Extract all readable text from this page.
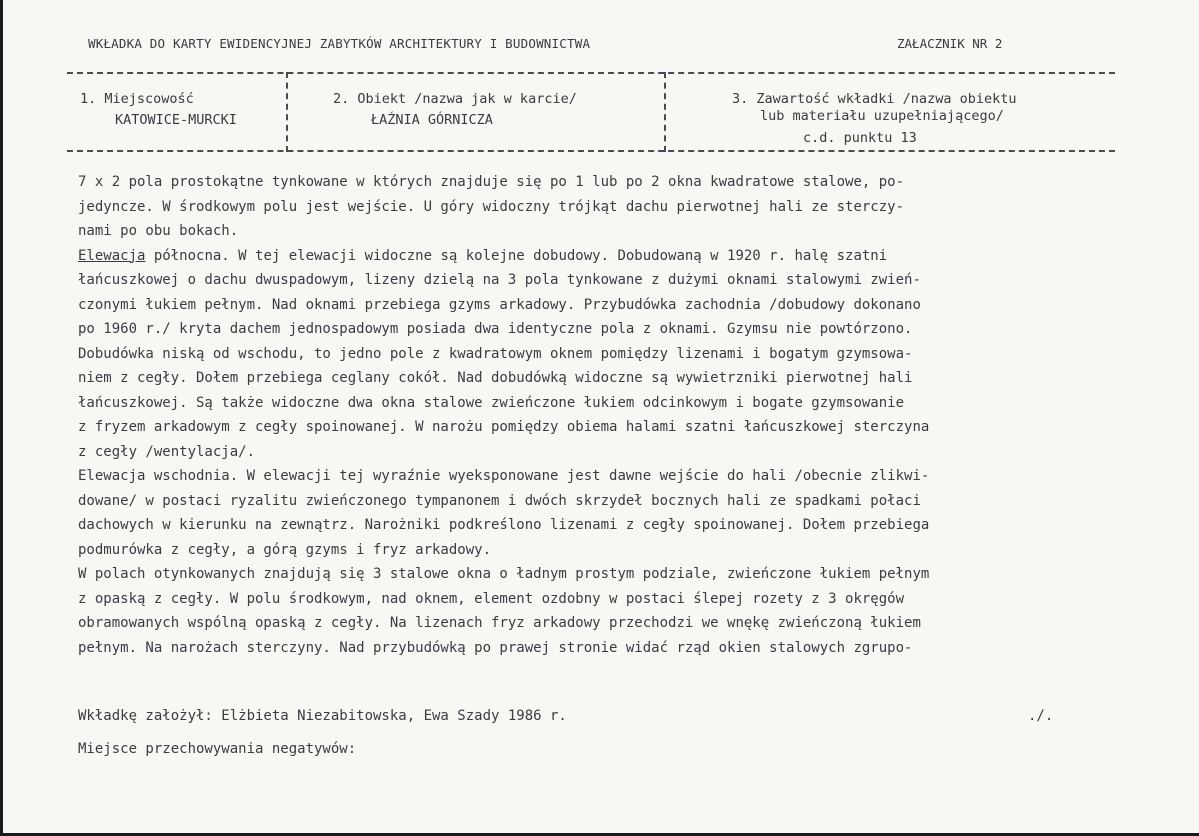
WKŁADKA DO KARTY EWIDENCYJNEJ ZABYTKÓW ARCHITEKTURY I BUDOWNICTWA	ZAŁACZNIK NR 2
1. Miejscowość
KATOWICE-MURCKI
2. Obiekt /nazwa jak w karcie/
ŁAŹNIA GÓRNICZA
3. Zawartość wkładki /nazwa obiektu
lub materiału uzupełniającego/
c.d. punktu 13

7 x 2 pola prostokątne tynkowane w których znajduje się po 1 lub po 2 okna kwadratowe stalowe, po-

jedyncze. W środkowym polu jest wejście. U góry widoczny trójkąt dachu pierwotnej hali ze sterczy-

nami po obu bokach.

Elewacja północna. W tej elewacji widoczne są kolejne dobudowy. Dobudowaną w 1920 r. halę szatni

łańcuszkowej o dachu dwuspadowym, lizeny dzielą na 3 pola tynkowane z dużymi oknami stalowymi zwień-

czonymi łukiem pełnym. Nad oknami przebiega gzyms arkadowy. Przybudówka zachodnia /dobudowy dokonano

po 1960 r./ kryta dachem jednospadowym posiada dwa identyczne pola z oknami. Gzymsu nie powtórzono.

Dobudówka niską od wschodu, to jedno pole z kwadratowym oknem pomiędzy lizenami i bogatym gzymsowa-

niem z cegły. Dołem przebiega ceglany cokół. Nad dobudówką widoczne są wywietrzniki pierwotnej hali

łańcuszkowej. Są także widoczne dwa okna stalowe zwieńczone łukiem odcinkowym i bogate gzymsowanie

z fryzem arkadowym z cegły spoinowanej. W narożu pomiędzy obiema halami szatni łańcuszkowej sterczyna

z cegły /wentylacja/.

Elewacja wschodnia. W elewacji tej wyraźnie wyeksponowane jest dawne wejście do hali /obecnie zlikwi-

dowane/ w postaci ryzalitu zwieńczonego tympanonem i dwóch skrzydeł bocznych hali ze spadkami połaci

dachowych w kierunku na zewnątrz. Narożniki podkreślono lizenami z cegły spoinowanej. Dołem przebiega

podmurówka z cegły, a górą gzyms i fryz arkadowy.

W polach otynkowanych znajdują się 3 stalowe okna o ładnym prostym podziale, zwieńczone łukiem pełnym

z opaską z cegły. W polu środkowym, nad oknem, element ozdobny w postaci ślepej rozety z 3 okręgów

obramowanych wspólną opaską z cegły. Na lizenach fryz arkadowy przechodzi we wnękę zwieńczoną łukiem

pełnym. Na narożach sterczyny. Nad przybudówką po prawej stronie widać rząd okien stalowych zgrupo-

Wkładkę założył: Elżbieta Niezabitowska, Ewa Szady 1986 r.	./.
Miejsce przechowywania negatywów:
